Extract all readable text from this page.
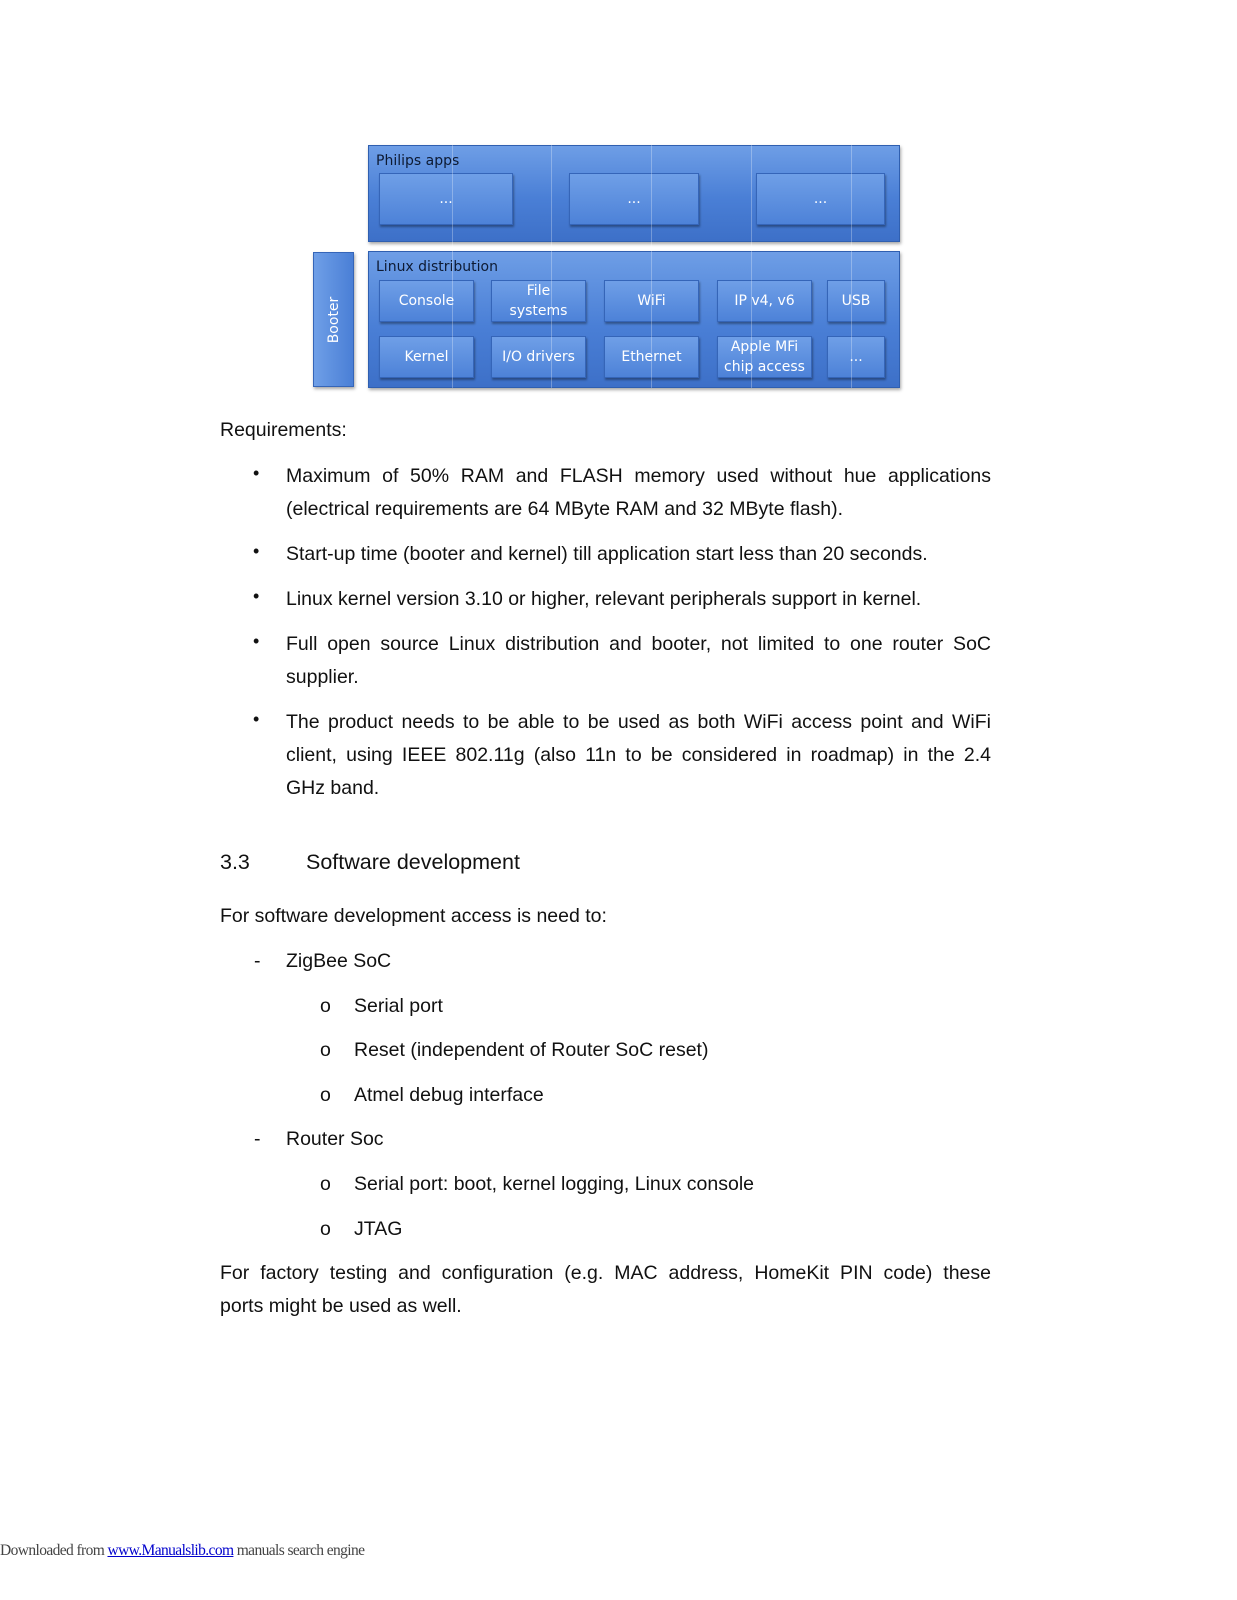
Philips apps
...	...	...
Booter
Linux distribution
Console
File
systems
WiFi	IP v4, v6	USB
Kernel	I/O drivers	Ethernet
Apple MFi
chip access
...
Requirements:
• Maximum of 50% RAM and FLASH memory used without hue applications
(electrical requirements are 64 MByte RAM and 32 MByte flash).
• Start-up time (booter and kernel) till application start less than 20 seconds.
• Linux kernel version 3.10 or higher, relevant peripherals support in kernel.
• Full open source Linux distribution and booter, not limited to one router SoC
supplier.
• The product needs to be able to be used as both WiFi access point and WiFi
client, using IEEE 802.11g (also 11n to be considered in roadmap) in the 2.4
GHz band.
3.3	Software development
For software development access is need to:
- ZigBee SoC
o Serial port
o Reset (independent of Router SoC reset)
o Atmel debug interface
- Router Soc
o Serial port: boot, kernel logging, Linux console
o JTAG
For factory testing and configuration (e.g. MAC address, HomeKit PIN code) these
ports might be used as well.
Downloaded from www.Manualslib.com manuals search engine
